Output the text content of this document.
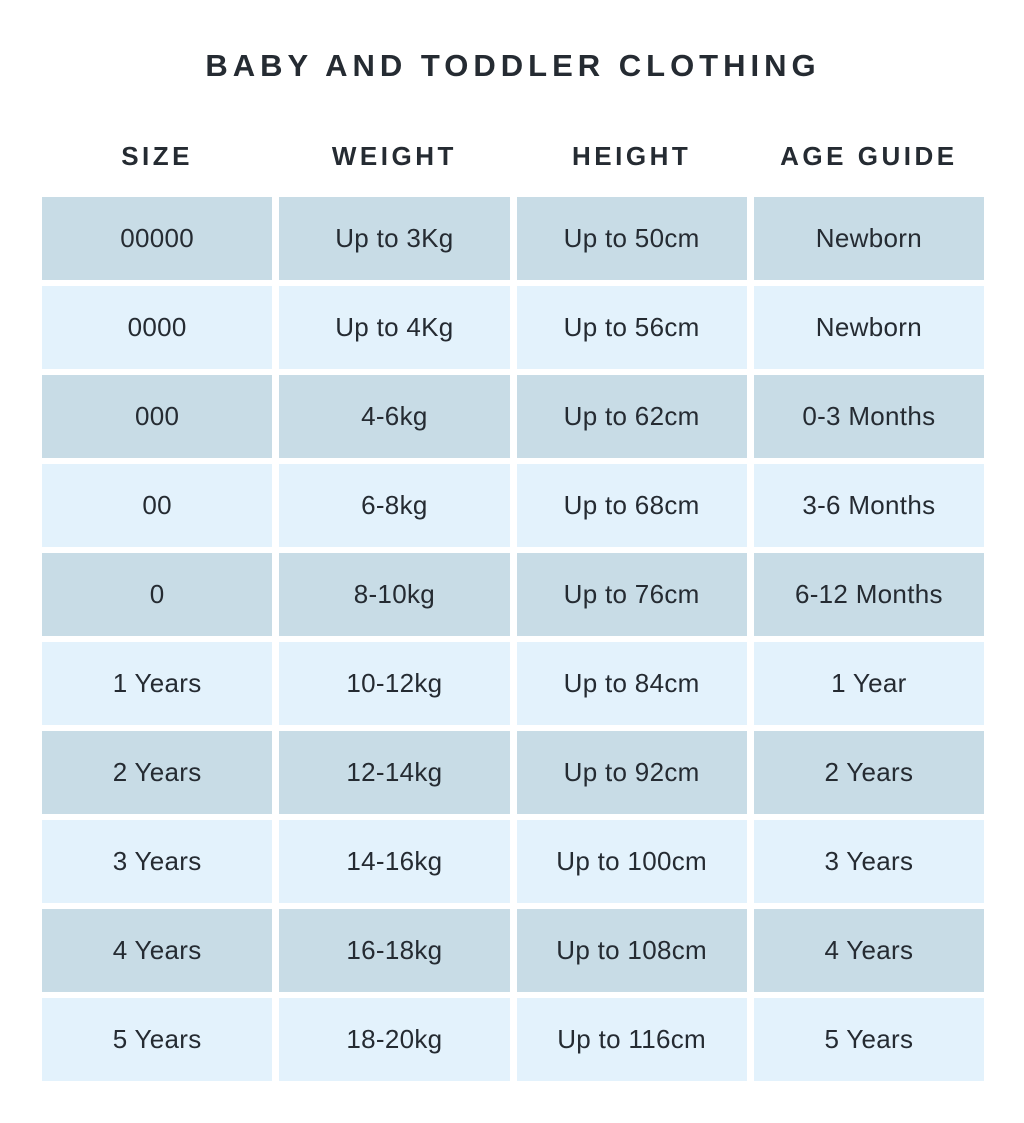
BABY AND TODDLER CLOTHING
SIZE	WEIGHT	HEIGHT	AGE GUIDE
00000	Up to 3Kg	Up to 50cm	Newborn
0000	Up to 4Kg	Up to 56cm	Newborn
000	4-6kg	Up to 62cm	0-3 Months
00	6-8kg	Up to 68cm	3-6 Months
0	8-10kg	Up to 76cm	6-12 Months
1 Years	10-12kg	Up to 84cm	1 Year
2 Years	12-14kg	Up to 92cm	2 Years
3 Years	14-16kg	Up to 100cm	3 Years
4 Years	16-18kg	Up to 108cm	4 Years
5 Years	18-20kg	Up to 116cm	5 Years
